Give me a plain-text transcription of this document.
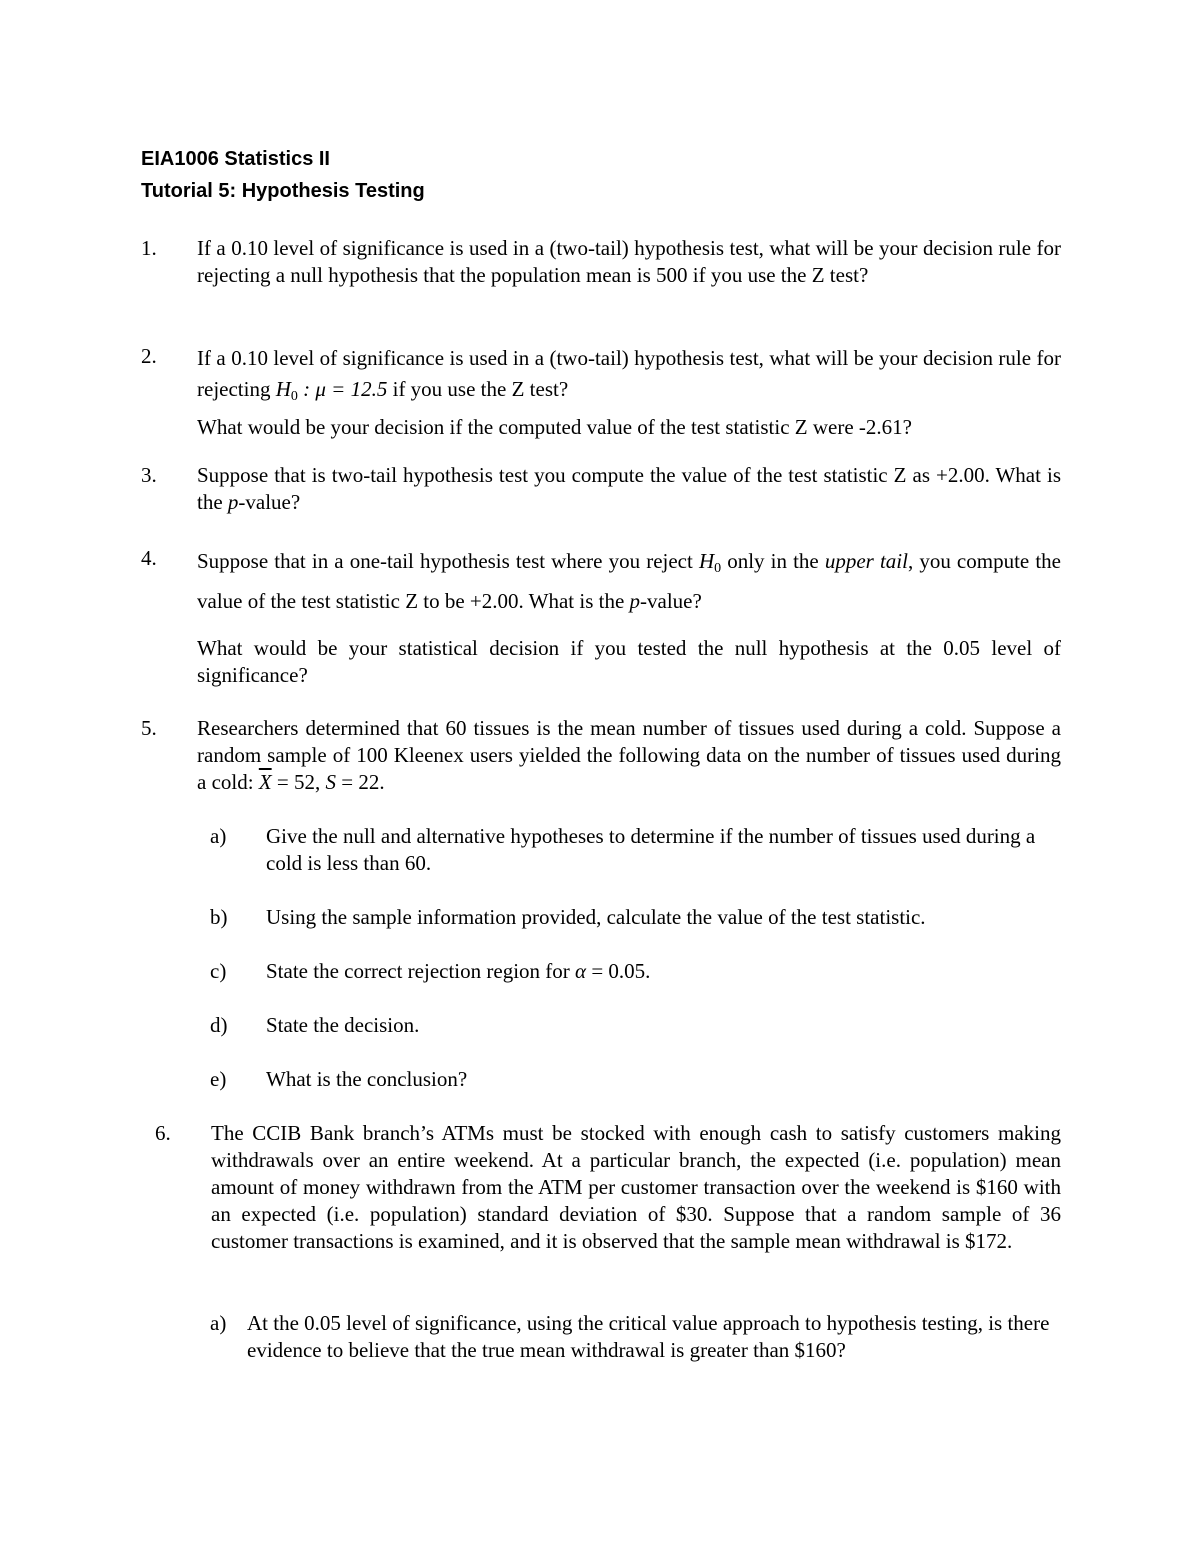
EIA1006 Statistics II
Tutorial 5: Hypothesis Testing
1. If a 0.10 level of significance is used in a (two-tail) hypothesis test, what will be your decision rule for rejecting a null hypothesis that the population mean is 500 if you use the Z test?

2. If a 0.10 level of significance is used in a (two-tail) hypothesis test, what will be your decision rule for rejecting $H_0$ : μ = 12.5 if you use the Z test?

What would be your decision if the computed value of the test statistic Z were -2.61?

3. Suppose that is two-tail hypothesis test you compute the value of the test statistic Z as +2.00. What is the p-value?

4. Suppose that in a one-tail hypothesis test where you reject $H_0$ only in the upper tail, you compute the value of the test statistic Z to be +2.00. What is the p-value?

What would be your statistical decision if you tested the null hypothesis at the 0.05 level of significance?

5. Researchers determined that 60 tissues is the mean number of tissues used during a cold. Suppose a random sample of 100 Kleenex users yielded the following data on the number of tissues used during a cold: $\overline{X} = 52$, S = 22.

a) Give the null and alternative hypotheses to determine if the number of tissues used during a cold is less than 60.
b) Using the sample information provided, calculate the value of the test statistic.
c) State the correct rejection region for α = 0.05.
d) State the decision.
e) What is the conclusion?
6. The CCIB Bank branch’s ATMs must be stocked with enough cash to satisfy customers making withdrawals over an entire weekend. At a particular branch, the expected (i.e. population) mean amount of money withdrawn from the ATM per customer transaction over the weekend is $160 with an expected (i.e. population) standard deviation of $30. Suppose that a random sample of 36 customer transactions is examined, and it is observed that the sample mean withdrawal is $172.

a) At the 0.05 level of significance, using the critical value approach to hypothesis testing, is there evidence to believe that the true mean withdrawal is greater than $160?
